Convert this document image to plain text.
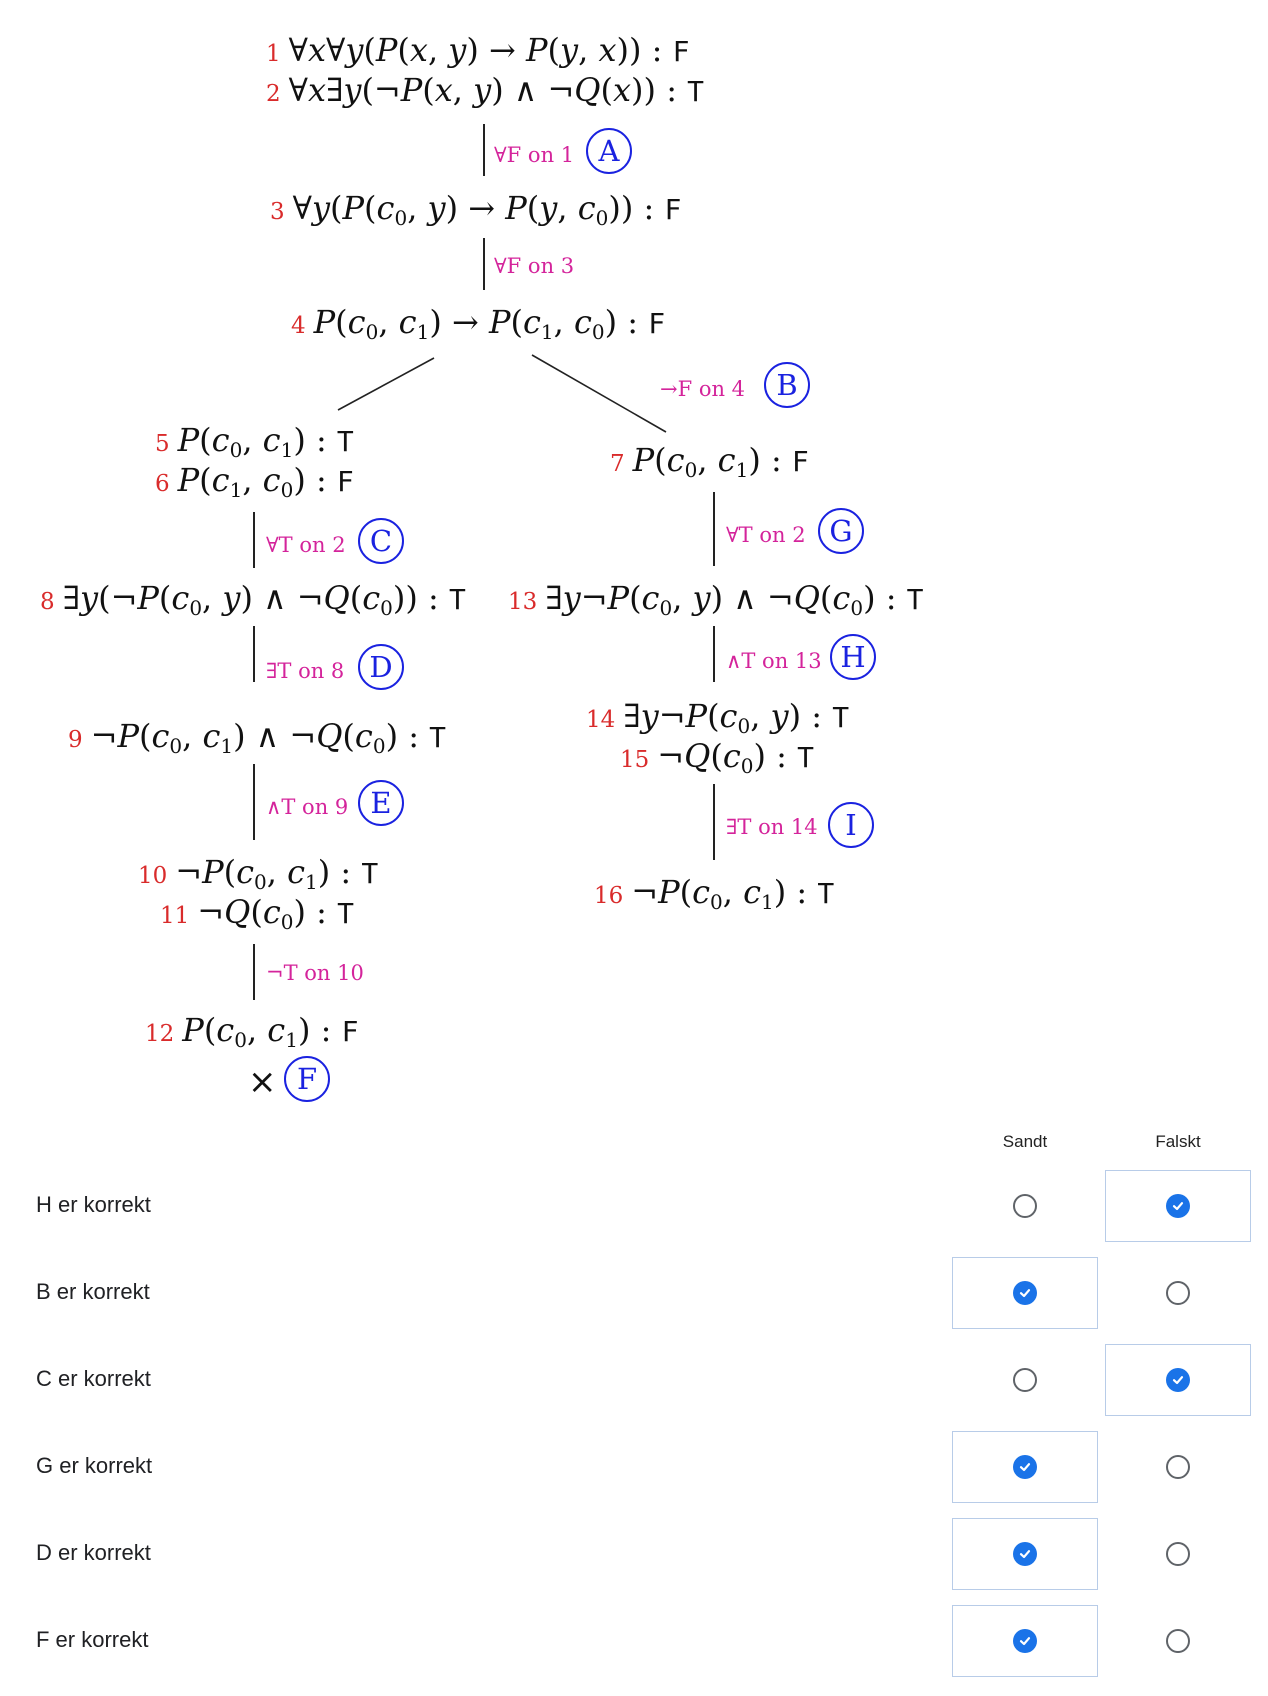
1 ∀x∀y(P(x, y) → P(y, x)) : F
2 ∀x∃y(¬P(x, y) ∧ ¬Q(x)) : T
∀F on 1 A
3 $\forall y(P(c_0$, y) → P(y, $c_0$)) : F
∀F on 3
4 $P(c_0$, $c_1) \to P(c_1$, $c_0$) : F
→F on 4	B
5 $P(c_0$, $c_1$) : T
6 $P(c_1$, $c_0$) : F
∀T on 2 C
8 $\exists y(\neg P(c_0$, y) ∧ $\neg Q(c_0)$) : T
∃T on 8 D
9 $\neg P(c_0$, $c_1$) ∧ $\neg Q(c_0)$ : T
∧T on 9 E
10 $\neg P(c_0$, $c_1$) : T
11 $\neg Q(c_0)$ : T
¬T on 10
12 $P(c_0$, $c_1$) : F
× F
7 $P(c_0$, $c_1$) : F
∀T on 2 G
13 $\exists y\neg P(c_0$, y) ∧ $\neg Q(c_0)$ : T
∧T on 13 H
14 $\exists y\neg P(c_0$, y) : T
15 $\neg Q(c_0)$ : T
∃T on 14 I
16 $\neg P(c_0$, $c_1$) : T
Sandt	Falskt
H er korrekt
B er korrekt
C er korrekt
G er korrekt
D er korrekt
F er korrekt
